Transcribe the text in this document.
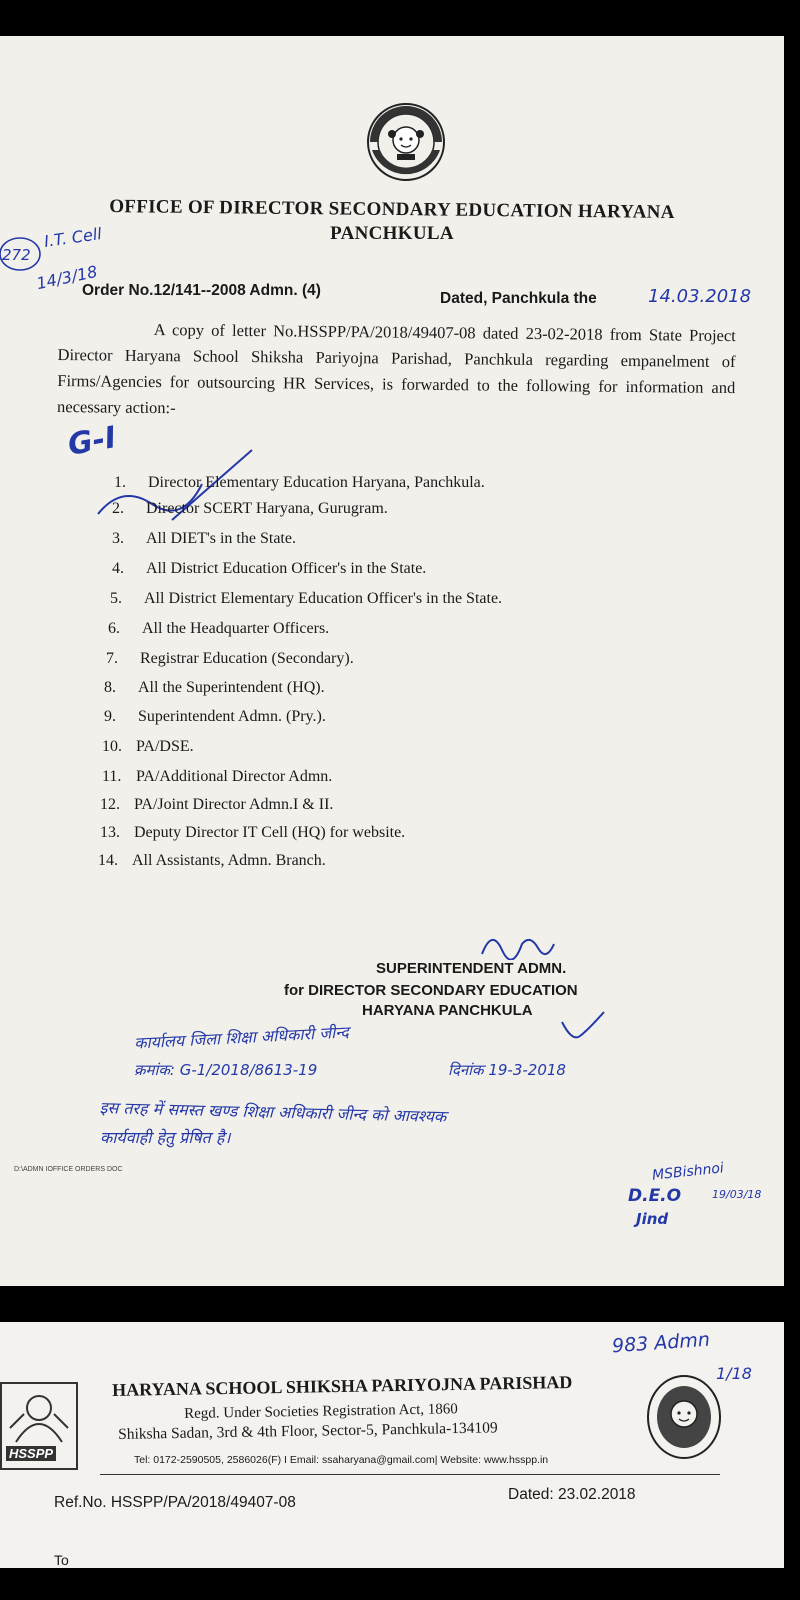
OFFICE OF DIRECTOR SECONDARY EDUCATION HARYANA
PANCHKULA
272
I.T. Cell
14/3/18
Order No.12/141--2008 Admn. (4)	Dated, Panchkula the	14.03.2018
A copy of letter No.HSSPP/PA/2018/49407-08 dated 23-02-2018 from State Project Director Haryana School Shiksha Pariyojna Parishad, Panchkula regarding empanelment of Firms/Agencies for outsourcing HR Services, is forwarded to the following for information and necessary action:-
G-I
1. Director Elementary Education Haryana, Panchkula.
2. Director SCERT Haryana, Gurugram.
3. All DIET's in the State.
4. All District Education Officer's in the State.
5. All District Elementary Education Officer's in the State.
6. All the Headquarter Officers.
7. Registrar Education (Secondary).
8. All the Superintendent (HQ).
9. Superintendent Admn. (Pry.).
10. PA/DSE.
11. PA/Additional Director Admn.
12. PA/Joint Director Admn.I & II.
13. Deputy Director IT Cell (HQ) for website.
14. All Assistants, Admn. Branch.
SUPERINTENDENT ADMN.
for DIRECTOR SECONDARY EDUCATION
HARYANA PANCHKULA
कार्यालय जिला शिक्षा अधिकारी जीन्द
क्रमांक: G-1/2018/8613-19	दिनांक 19-3-2018
इस तरह में समस्त खण्ड शिक्षा अधिकारी जीन्द को आवश्यक
कार्यवाही हेतु प्रेषित है।
MSBishnoi
D.E.O	19/03/18
Jind
D:\ADMN IOFFICE ORDERS DOC
983 Admn
1/18
HSSPP
HARYANA SCHOOL SHIKSHA PARIYOJNA PARISHAD
Regd. Under Societies Registration Act, 1860
Shiksha Sadan, 3rd & 4th Floor, Sector-5, Panchkula-134109
Tel: 0172-2590505, 2586026(F) I Email: ssaharyana@gmail.com| Website: www.hsspp.in
Ref.No. HSSPP/PA/2018/49407-08	Dated: 23.02.2018
To
